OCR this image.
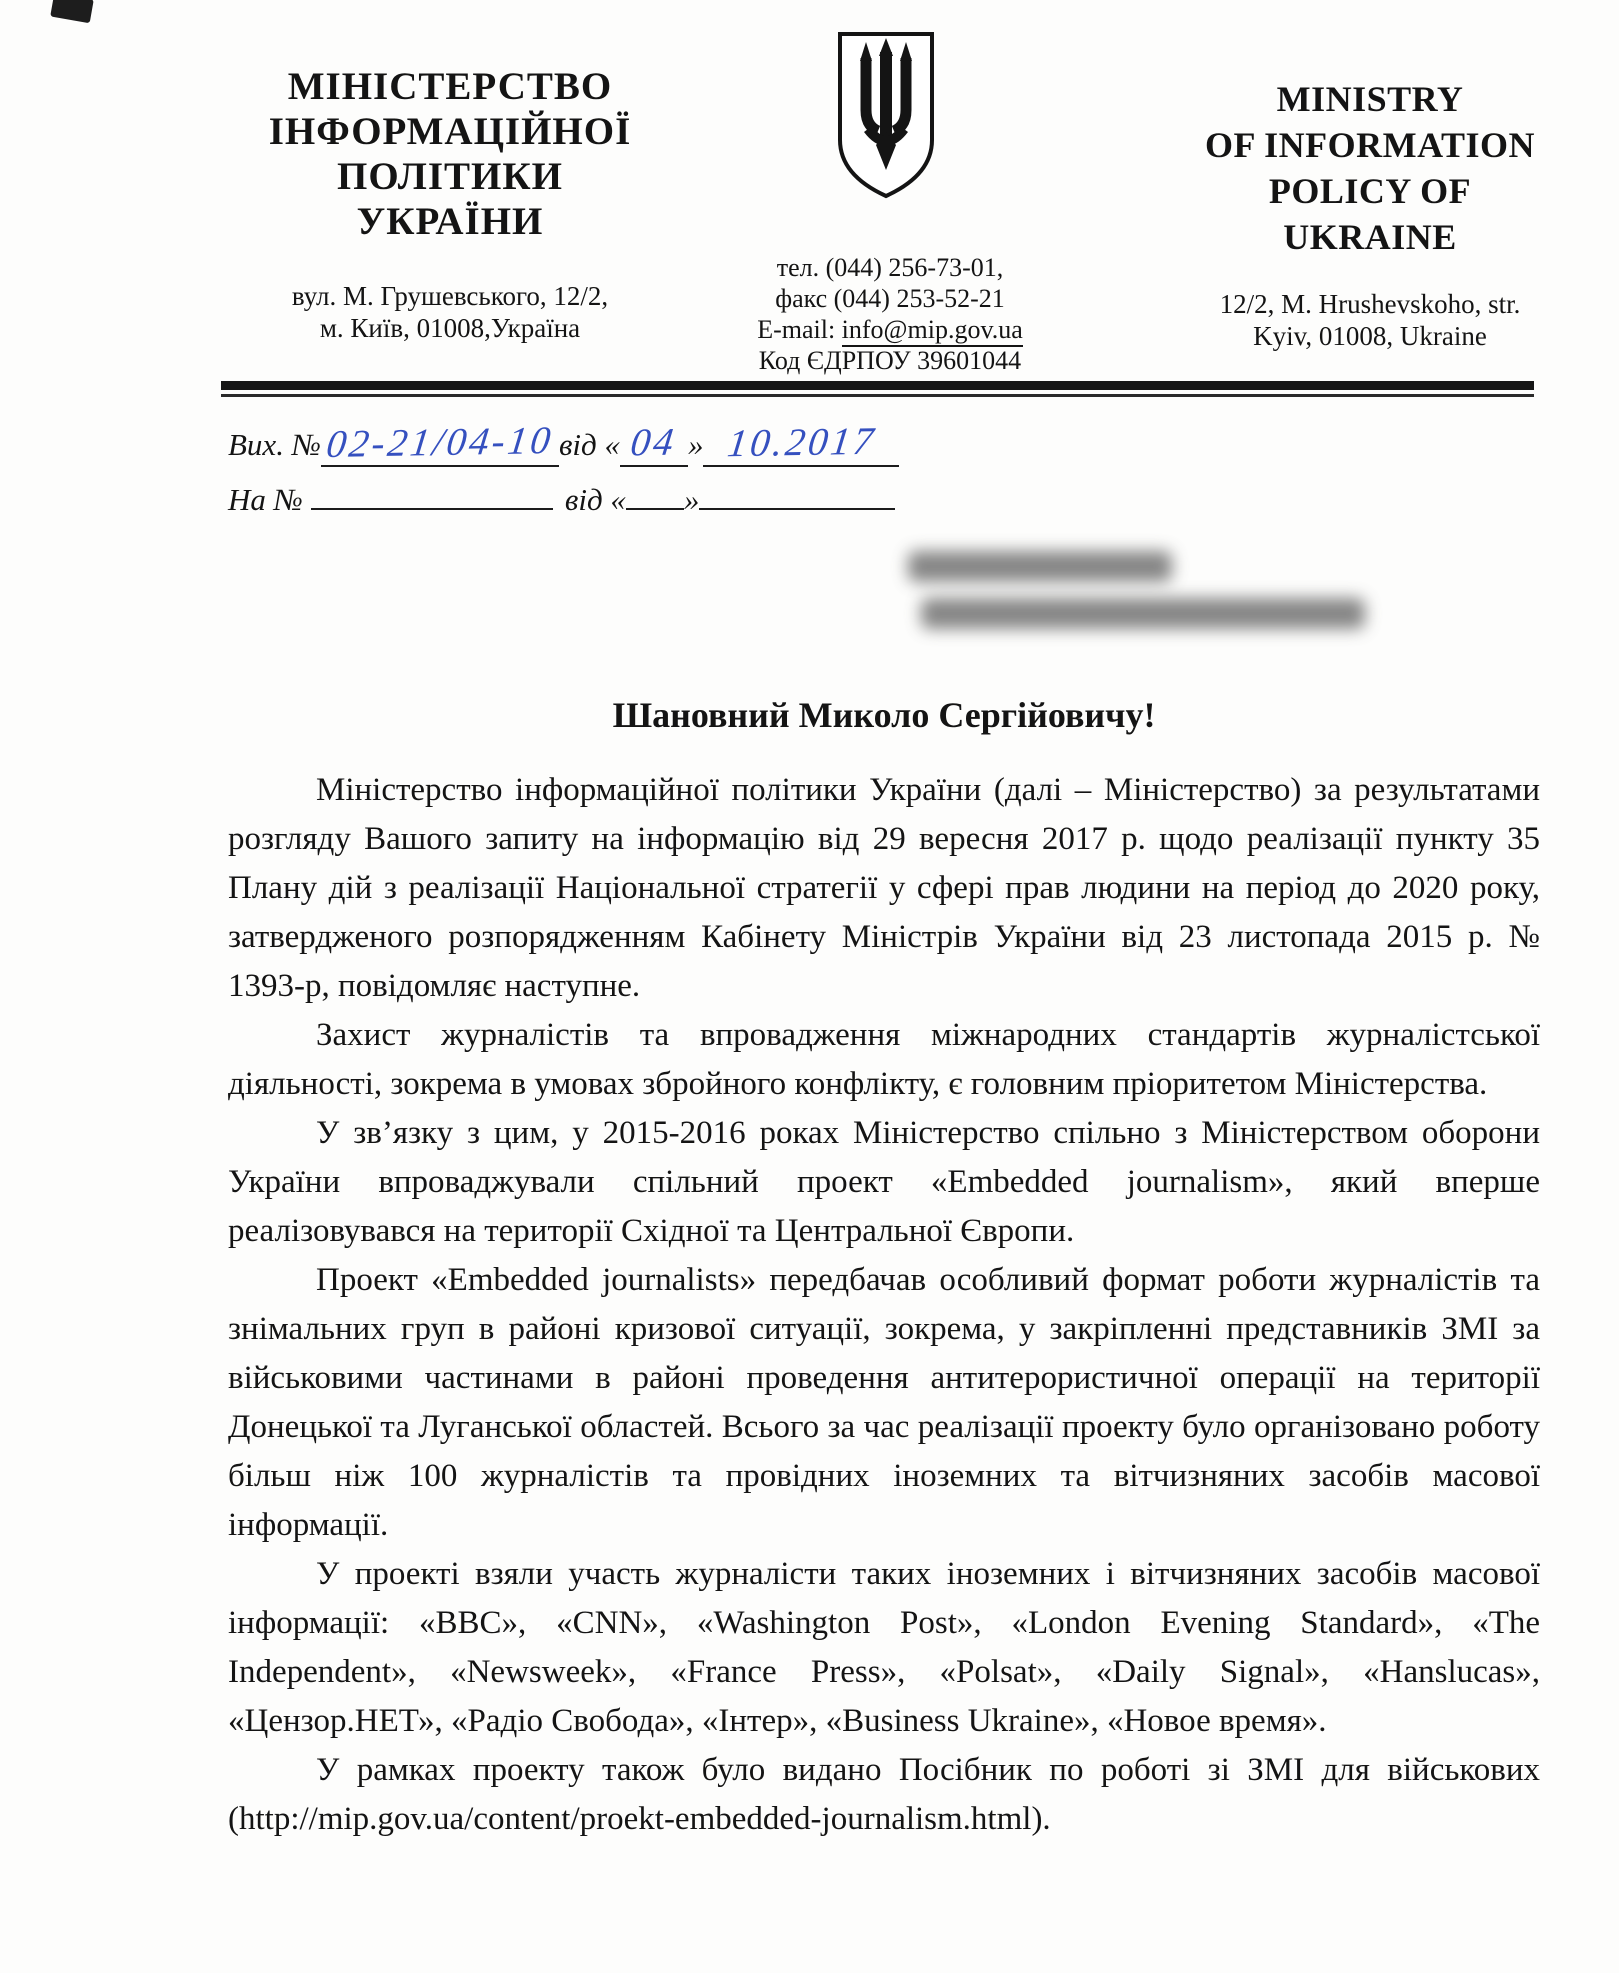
МІНІСТЕРСТВО
ІНФОРМАЦІЙНОЇ
ПОЛІТИКИ
УКРАЇНИ
вул. М. Грушевського, 12/2,
м. Київ, 01008,Україна
тел. (044) 256-73-01,
факс (044) 253-52-21
E-mail: info@mip.gov.ua
Код ЄДРПОУ 39601044
MINISTRY
OF INFORMATION
POLICY OF
UKRAINE
12/2, M. Hrushevskoho, str.
Kyiv, 01008, Ukraine
Вих. № 02-21/04-10 від « 04 » 10.2017
На №	від « »
Шановний Миколо Сергійовичу!

Міністерство інформаційної політики України (далі – Міністерство) за результатами розгляду Вашого запиту на інформацію від 29 вересня 2017 р. щодо реалізації пункту 35 Плану дій з реалізації Національної стратегії у сфері прав людини на період до 2020 року, затвердженого розпорядженням Кабінету Міністрів України від 23 листопада 2015 р. № 1393-р, повідомляє наступне.

Захист журналістів та впровадження міжнародних стандартів журналістської діяльності, зокрема в умовах збройного конфлікту, є головним пріоритетом Міністерства.

У зв’язку з цим, у 2015-2016 роках Міністерство спільно з Міністерством оборони України впроваджували спільний проект «Embedded journalism», який вперше реалізовувався на території Східної та Центральної Європи.

Проект «Embedded journalists» передбачав особливий формат роботи журналістів та знімальних груп в районі кризової ситуації, зокрема, у закріпленні представників ЗМІ за військовими частинами в районі проведення антитерористичної операції на території Донецької та Луганської областей. Всього за час реалізації проекту було організовано роботу більш ніж 100 журналістів та провідних іноземних та вітчизняних засобів масової інформації.

У проекті взяли участь журналісти таких іноземних і вітчизняних засобів масової інформації: «BBC», «CNN», «Washington Post», «London Evening Standard», «The Independent», «Newsweek», «France Press», «Polsat», «Daily Signal», «Hanslucas», «Цензор.НЕТ», «Радіо Свобода», «Інтер», «Business Ukraine», «Новое время».

У рамках проекту також було видано Посібник по роботі зі ЗМІ для військових (http://mip.gov.ua/content/proekt-embedded-journalism.html).
